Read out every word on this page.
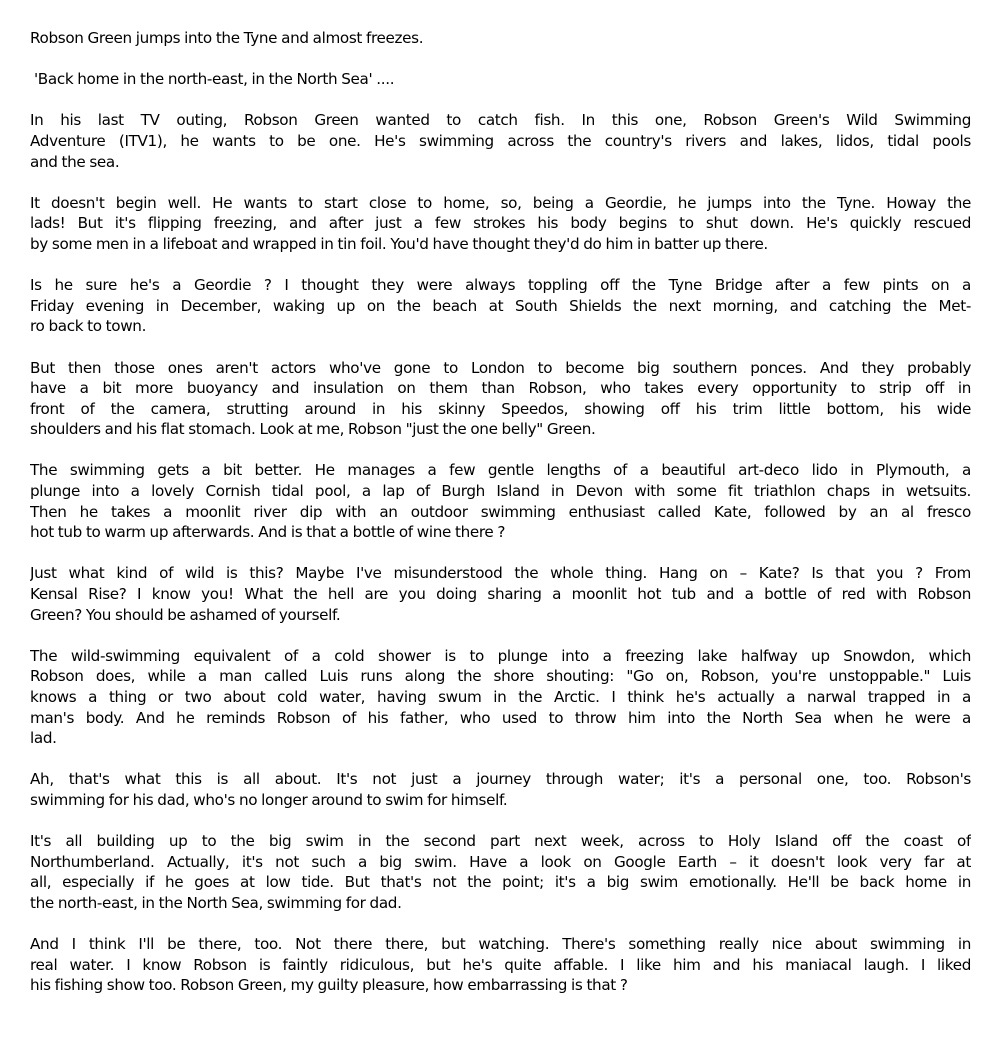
Robson Green jumps into the Tyne and almost freezes.
'Back home in the north-east, in the North Sea' ....
In his last TV outing, Robson Green wanted to catch fish. In this one, Robson Green's Wild Swimming
Adventure (ITV1), he wants to be one. He's swimming across the country's rivers and lakes, lidos, tidal pools
and the sea.
It doesn't begin well. He wants to start close to home, so, being a Geordie, he jumps into the Tyne. Howay the
lads! But it's flipping freezing, and after just a few strokes his body begins to shut down. He's quickly rescued
by some men in a lifeboat and wrapped in tin foil. You'd have thought they'd do him in batter up there.
Is he sure he's a Geordie ? I thought they were always toppling off the Tyne Bridge after a few pints on a
Friday evening in December, waking up on the beach at South Shields the next morning, and catching the Met-
ro back to town.
But then those ones aren't actors who've gone to London to become big southern ponces. And they probably
have a bit more buoyancy and insulation on them than Robson, who takes every opportunity to strip off in
front of the camera, strutting around in his skinny Speedos, showing off his trim little bottom, his wide
shoulders and his flat stomach. Look at me, Robson "just the one belly" Green.
The swimming gets a bit better. He manages a few gentle lengths of a beautiful art-deco lido in Plymouth, a
plunge into a lovely Cornish tidal pool, a lap of Burgh Island in Devon with some fit triathlon chaps in wetsuits.
Then he takes a moonlit river dip with an outdoor swimming enthusiast called Kate, followed by an al fresco
hot tub to warm up afterwards. And is that a bottle of wine there ?
Just what kind of wild is this? Maybe I've misunderstood the whole thing. Hang on – Kate? Is that you ? From
Kensal Rise? I know you! What the hell are you doing sharing a moonlit hot tub and a bottle of red with Robson
Green? You should be ashamed of yourself.
The wild-swimming equivalent of a cold shower is to plunge into a freezing lake halfway up Snowdon, which
Robson does, while a man called Luis runs along the shore shouting: "Go on, Robson, you're unstoppable." Luis
knows a thing or two about cold water, having swum in the Arctic. I think he's actually a narwal trapped in a
man's body. And he reminds Robson of his father, who used to throw him into the North Sea when he were a
lad.
Ah, that's what this is all about. It's not just a journey through water; it's a personal one, too. Robson's
swimming for his dad, who's no longer around to swim for himself.
It's all building up to the big swim in the second part next week, across to Holy Island off the coast of
Northumberland. Actually, it's not such a big swim. Have a look on Google Earth – it doesn't look very far at
all, especially if he goes at low tide. But that's not the point; it's a big swim emotionally. He'll be back home in
the north-east, in the North Sea, swimming for dad.
And I think I'll be there, too. Not there there, but watching. There's something really nice about swimming in
real water. I know Robson is faintly ridiculous, but he's quite affable. I like him and his maniacal laugh. I liked
his fishing show too. Robson Green, my guilty pleasure, how embarrassing is that ?
